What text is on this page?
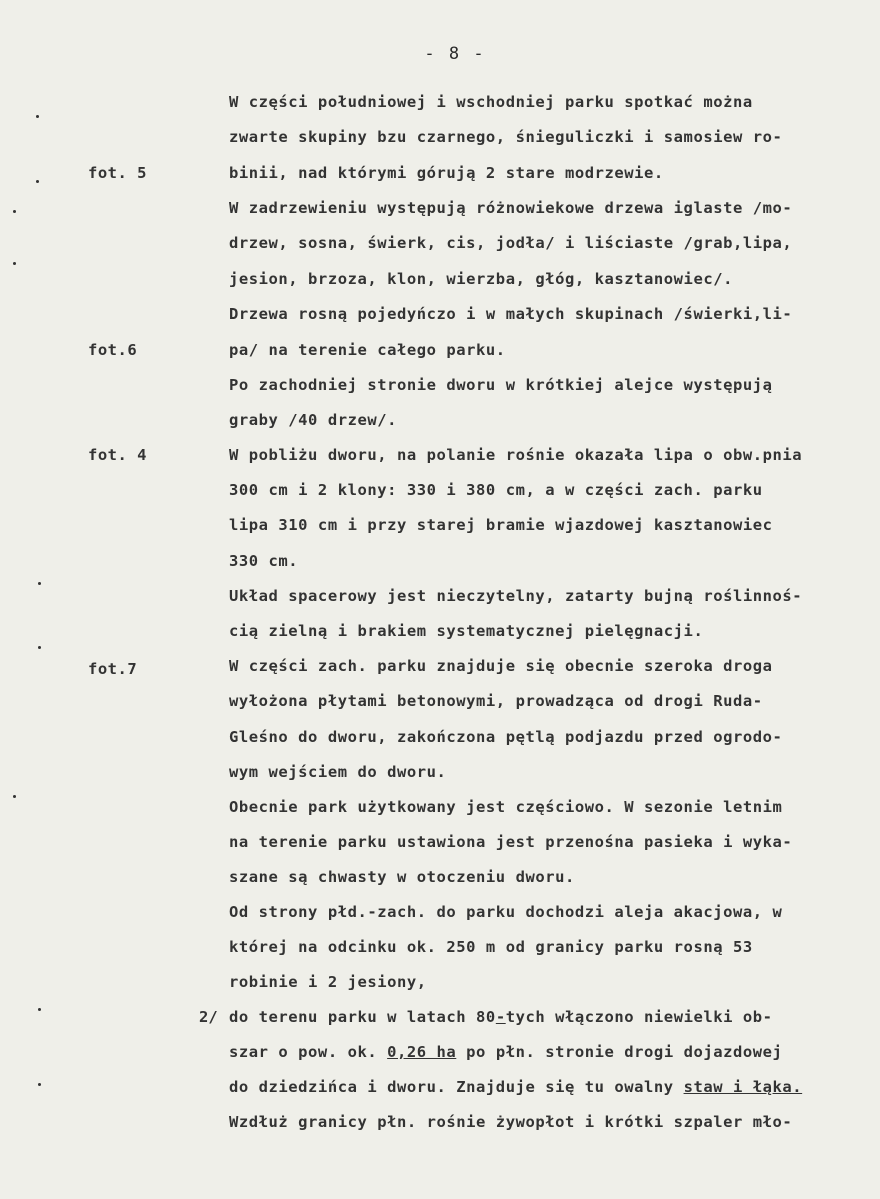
- 8 -
fot. 5
fot.6
fot. 4
fot.7
W części południowej i wschodniej parku spotkać można
zwarte skupiny bzu czarnego, śnieguliczki i samosiew ro-
binii, nad którymi górują 2 stare modrzewie.
W zadrzewieniu występują różnowiekowe drzewa iglaste /mo-
drzew, sosna, świerk, cis, jodła/ i liściaste /grab,lipa,
jesion, brzoza, klon, wierzba, głóg, kasztanowiec/.
Drzewa rosną pojedyńczo i w małych skupinach /świerki,li-
pa/ na terenie całego parku.
Po zachodniej stronie dworu w krótkiej alejce występują
graby /40 drzew/.
W pobliżu dworu, na polanie rośnie okazała lipa o obw.pnia
300 cm i 2 klony: 330 i 380 cm, a w części zach. parku
lipa 310 cm i przy starej bramie wjazdowej kasztanowiec
330 cm.
Układ spacerowy jest nieczytelny, zatarty bujną roślinnoś-
cią zielną i brakiem systematycznej pielęgnacji.
W części zach. parku znajduje się obecnie szeroka droga
wyłożona płytami betonowymi, prowadząca od drogi Ruda-
Gleśno do dworu, zakończona pętlą podjazdu przed ogrodo-
wym wejściem do dworu.
Obecnie park użytkowany jest częściowo. W sezonie letnim
na terenie parku ustawiona jest przenośna pasieka i wyka-
szane są chwasty w otoczeniu dworu.
Od strony płd.-zach. do parku dochodzi aleja akacjowa, w
której na odcinku ok. 250 m od granicy parku rosną 53
robinie i 2 jesiony,
2/ do terenu parku w latach 80-tych włączono niewielki ob-
szar o pow. ok. 0,26 ha po płn. stronie drogi dojazdowej
do dziedzińca i dworu. Znajduje się tu owalny staw i łąka.
Wzdłuż granicy płn. rośnie żywopłot i krótki szpaler mło-
